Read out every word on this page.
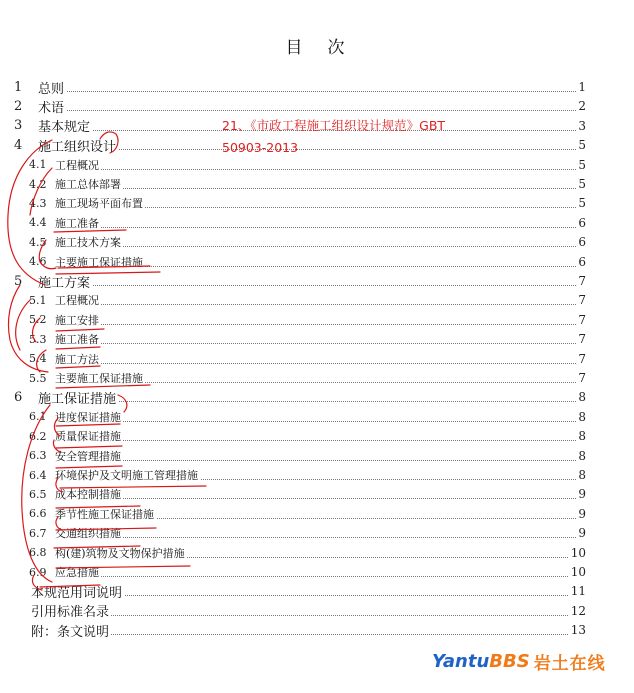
目　次
21、《市政工程施工组织设计规范》GBT
50903-2013
1 总则	1
2 术语	2
3 基本规定	3
4 施工组织设计	5
4.1 工程概况	5
4.2 施工总体部署	5
4.3 施工现场平面布置	5
4.4 施工准备	6
4.5 施工技术方案	6
4.6 主要施工保证措施	6
5 施工方案	7
5.1 工程概况	7
5.2 施工安排	7
5.3 施工准备	7
5.4 施工方法	7
5.5 主要施工保证措施	7
6 施工保证措施	8
6.1 进度保证措施	8
6.2 质量保证措施	8
6.3 安全管理措施	8
6.4 环境保护及文明施工管理措施	8
6.5 成本控制措施	9
6.6 季节性施工保证措施	9
6.7 交通组织措施	9
6.8 构(建)筑物及文物保护措施	10
6.9 应急措施	10
本规范用词说明	11
引用标准名录	12
附：条文说明	13
Yantu BBS 岩土在线
